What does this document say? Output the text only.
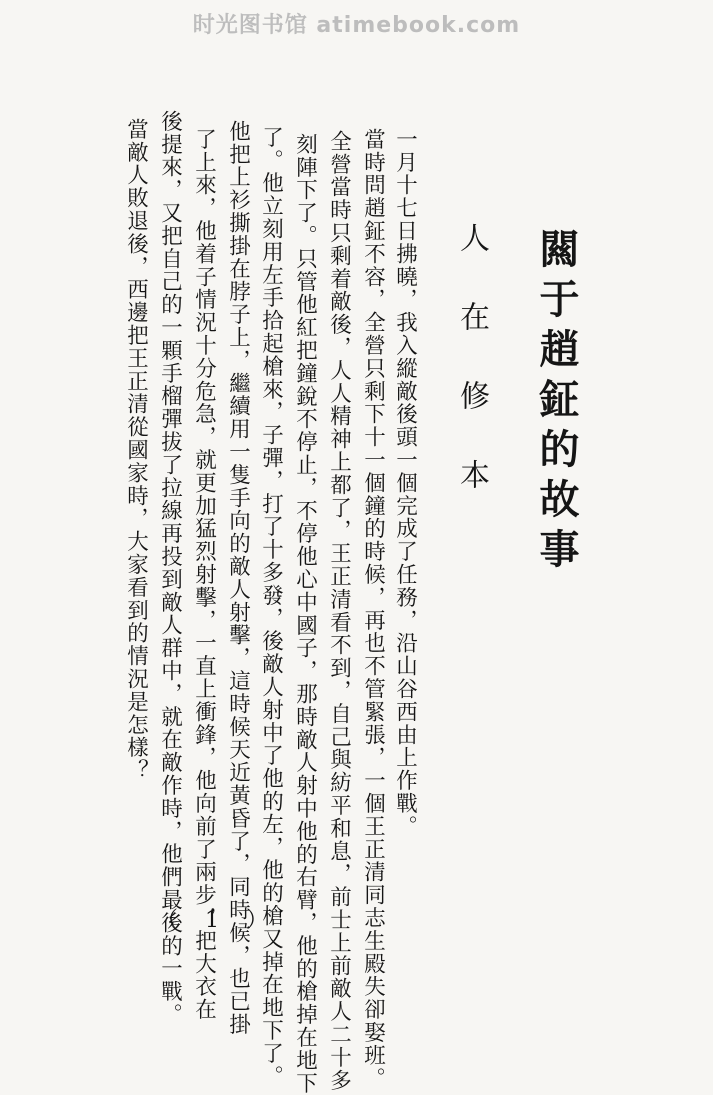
时光图书馆 atimebook.com
闗于趙鉦的故事
人 在 修 本
一月十七日拂曉，我入縱敵後頭一個完成了任務，沿山谷西由上作戰。
當時問趙鉦不容，全營只剩下十一個鐘的時候，再也不管緊張，一個王正清同志生殿失卻娶班。
全營當時只剩着敵後，人人精神上都了，王正清看不到，自己與紡平和息，前士上前敵人二十多
刻陣下了。只管他紅把鐘銳不停止，不停他心中國子，那時敵人射中他的右臂，他的槍掉在地下
了。他立刻用左手拾起槍來，子彈，打了十多發，後敵人射中了他的左，他的槍又掉在地下了。
他把上衫撕掛在脖子上，繼續用一隻手向的敵人射擊，這時候天近黃昏了，同時候，也已掛
了上來，他着子情況十分危急，就更加猛烈射擊，一直上衝鋒，他向前了兩步，把大衣在
後提來，又把自己的一顆手榴彈拔了拉線再投到敵人群中，就在敵作時，他們最後的一戰。
當敵人敗退後，西邊把王正清從國家時，大家看到的情況是怎樣？
（ 1 ）
